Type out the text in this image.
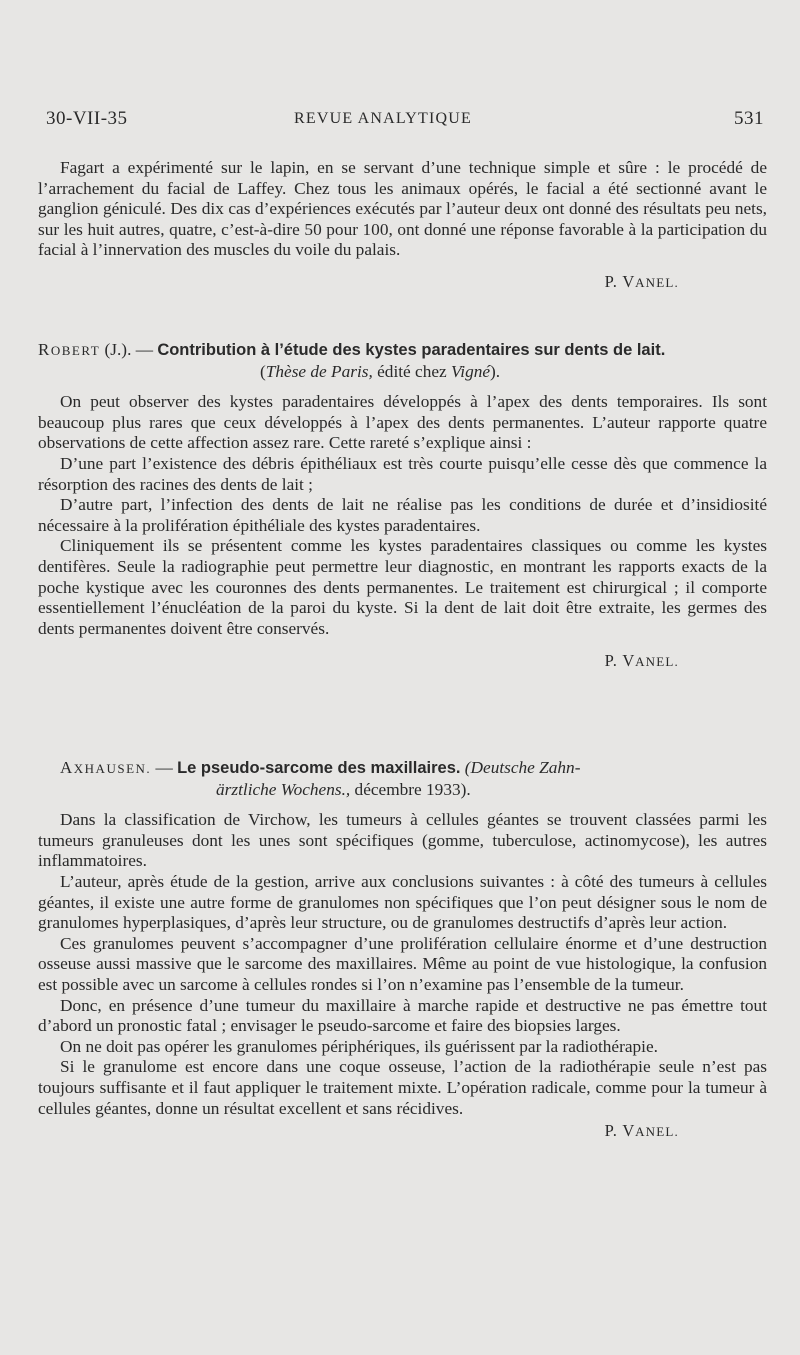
30-VII-35	REVUE ANALYTIQUE	531

Fagart a expérimenté sur le lapin, en se servant d’une technique simple et sûre : le procédé de l’arrachement du facial de Laffey. Chez tous les animaux opérés, le facial a été sectionné avant le ganglion géniculé. Des dix cas d’expériences exécutés par l’auteur deux ont donné des résultats peu nets, sur les huit autres, quatre, c’est-à-dire 50 pour 100, ont donné une réponse favorable à la participation du facial à l’innervation des muscles du voile du palais.

P. VANEL.

ROBERT (J.). — Contribution à l’étude des kystes paradentaires sur dents de lait.

(Thèse de Paris, édité chez Vigné).

On peut observer des kystes paradentaires développés à l’apex des dents temporaires. Ils sont beaucoup plus rares que ceux développés à l’apex des dents permanentes. L’auteur rapporte quatre observations de cette affection assez rare. Cette rareté s’explique ainsi :

D’une part l’existence des débris épithéliaux est très courte puisqu’elle cesse dès que commence la résorption des racines des dents de lait ;

D’autre part, l’infection des dents de lait ne réalise pas les conditions de durée et d’insidiosité nécessaire à la prolifération épithéliale des kystes paradentaires.

Cliniquement ils se présentent comme les kystes paradentaires classiques ou comme les kystes dentifères. Seule la radiographie peut permettre leur diagnostic, en montrant les rapports exacts de la poche kystique avec les couronnes des dents permanentes. Le traitement est chirurgical ; il comporte essentiellement l’énucléation de la paroi du kyste. Si la dent de lait doit être extraite, les germes des dents permanentes doivent être conservés.

P. VANEL.

AXHAUSEN. — Le pseudo-sarcome des maxillaires. (Deutsche Zahn-

ärztliche Wochens., décembre 1933).

Dans la classification de Virchow, les tumeurs à cellules géantes se trouvent classées parmi les tumeurs granuleuses dont les unes sont spécifiques (gomme, tuberculose, actinomycose), les autres inflammatoires.

L’auteur, après étude de la gestion, arrive aux conclusions suivantes : à côté des tumeurs à cellules géantes, il existe une autre forme de granulomes non spécifiques que l’on peut désigner sous le nom de granulomes hyperplasiques, d’après leur structure, ou de granulomes destructifs d’après leur action.

Ces granulomes peuvent s’accompagner d’une prolifération cellulaire énorme et d’une destruction osseuse aussi massive que le sarcome des maxillaires. Même au point de vue histologique, la confusion est possible avec un sarcome à cellules rondes si l’on n’examine pas l’ensemble de la tumeur.

Donc, en présence d’une tumeur du maxillaire à marche rapide et destructive ne pas émettre tout d’abord un pronostic fatal ; envisager le pseudo-sarcome et faire des biopsies larges.

On ne doit pas opérer les granulomes périphériques, ils guérissent par la radiothérapie.

Si le granulome est encore dans une coque osseuse, l’action de la radiothérapie seule n’est pas toujours suffisante et il faut appliquer le traitement mixte. L’opération radicale, comme pour la tumeur à cellules géantes, donne un résultat excellent et sans récidives.

P. VANEL.
